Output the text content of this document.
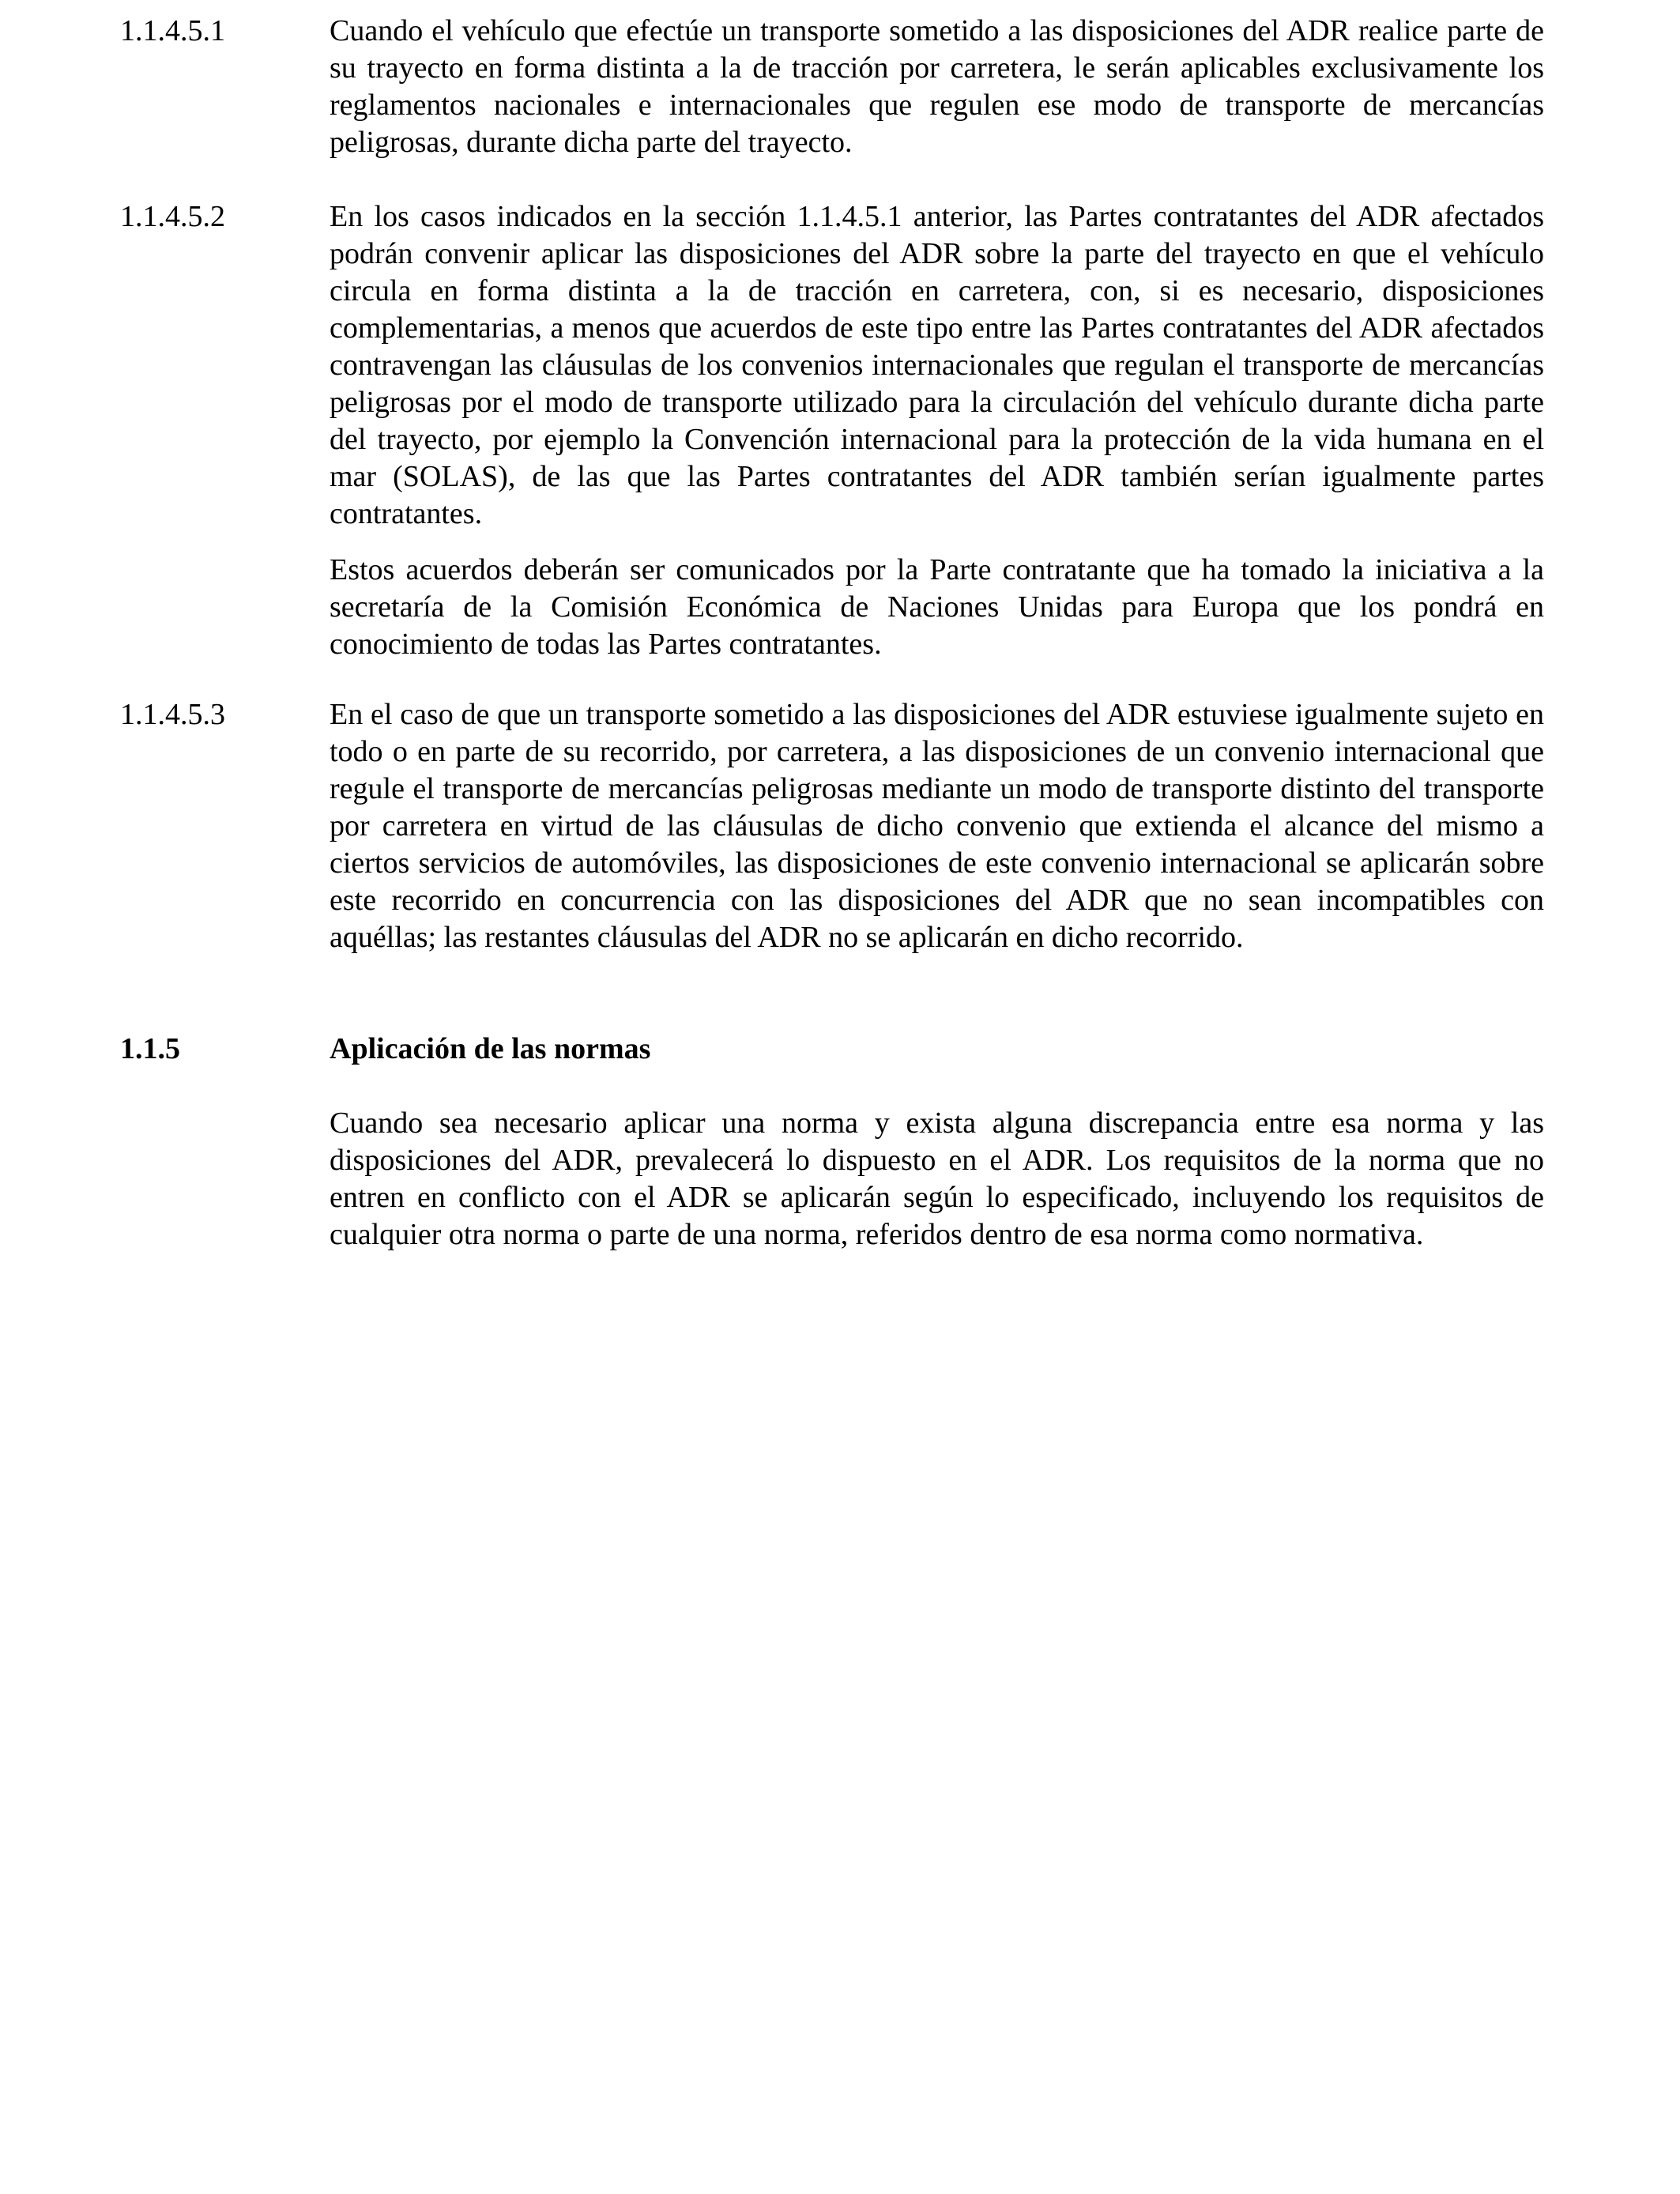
1.1.4.5.1	Cuando el vehículo que efectúe un transporte sometido a las disposiciones del ADR realice parte de su trayecto en forma distinta a la de tracción por carretera, le serán aplicables exclusivamente los reglamentos nacionales e internacionales que regulen ese modo de transporte de mercancías peligrosas, durante dicha parte del trayecto.

1.1.4.5.2	En los casos indicados en la sección 1.1.4.5.1 anterior, las Partes contratantes del ADR afectados podrán convenir aplicar las disposiciones del ADR sobre la parte del trayecto en que el vehículo circula en forma distinta a la de tracción en carretera, con, si es necesario, disposiciones complementarias, a menos que acuerdos de este tipo entre las Partes contratantes del ADR afectados contravengan las cláusulas de los convenios internacionales que regulan el transporte de mercancías peligrosas por el modo de transporte utilizado para la circulación del vehículo durante dicha parte del trayecto, por ejemplo la Convención internacional para la protección de la vida humana en el mar (SOLAS), de las que las Partes contratantes del ADR también serían igualmente partes contratantes.

Estos acuerdos deberán ser comunicados por la Parte contratante que ha tomado la iniciativa a la secretaría de la Comisión Económica de Naciones Unidas para Europa que los pondrá en conocimiento de todas las Partes contratantes.

1.1.4.5.3	En el caso de que un transporte sometido a las disposiciones del ADR estuviese igualmente sujeto en todo o en parte de su recorrido, por carretera, a las disposiciones de un convenio internacional que regule el transporte de mercancías peligrosas mediante un modo de transporte distinto del transporte por carretera en virtud de las cláusulas de dicho convenio que extienda el alcance del mismo a ciertos servicios de automóviles, las disposiciones de este convenio internacional se aplicarán sobre este recorrido en concurrencia con las disposiciones del ADR que no sean incompatibles con aquéllas; las restantes cláusulas del ADR no se aplicarán en dicho recorrido.

1.1.5	Aplicación de las normas

Cuando sea necesario aplicar una norma y exista alguna discrepancia entre esa norma y las disposiciones del ADR, prevalecerá lo dispuesto en el ADR. Los requisitos de la norma que no entren en conflicto con el ADR se aplicarán según lo especificado, incluyendo los requisitos de cualquier otra norma o parte de una norma, referidos dentro de esa norma como normativa.
